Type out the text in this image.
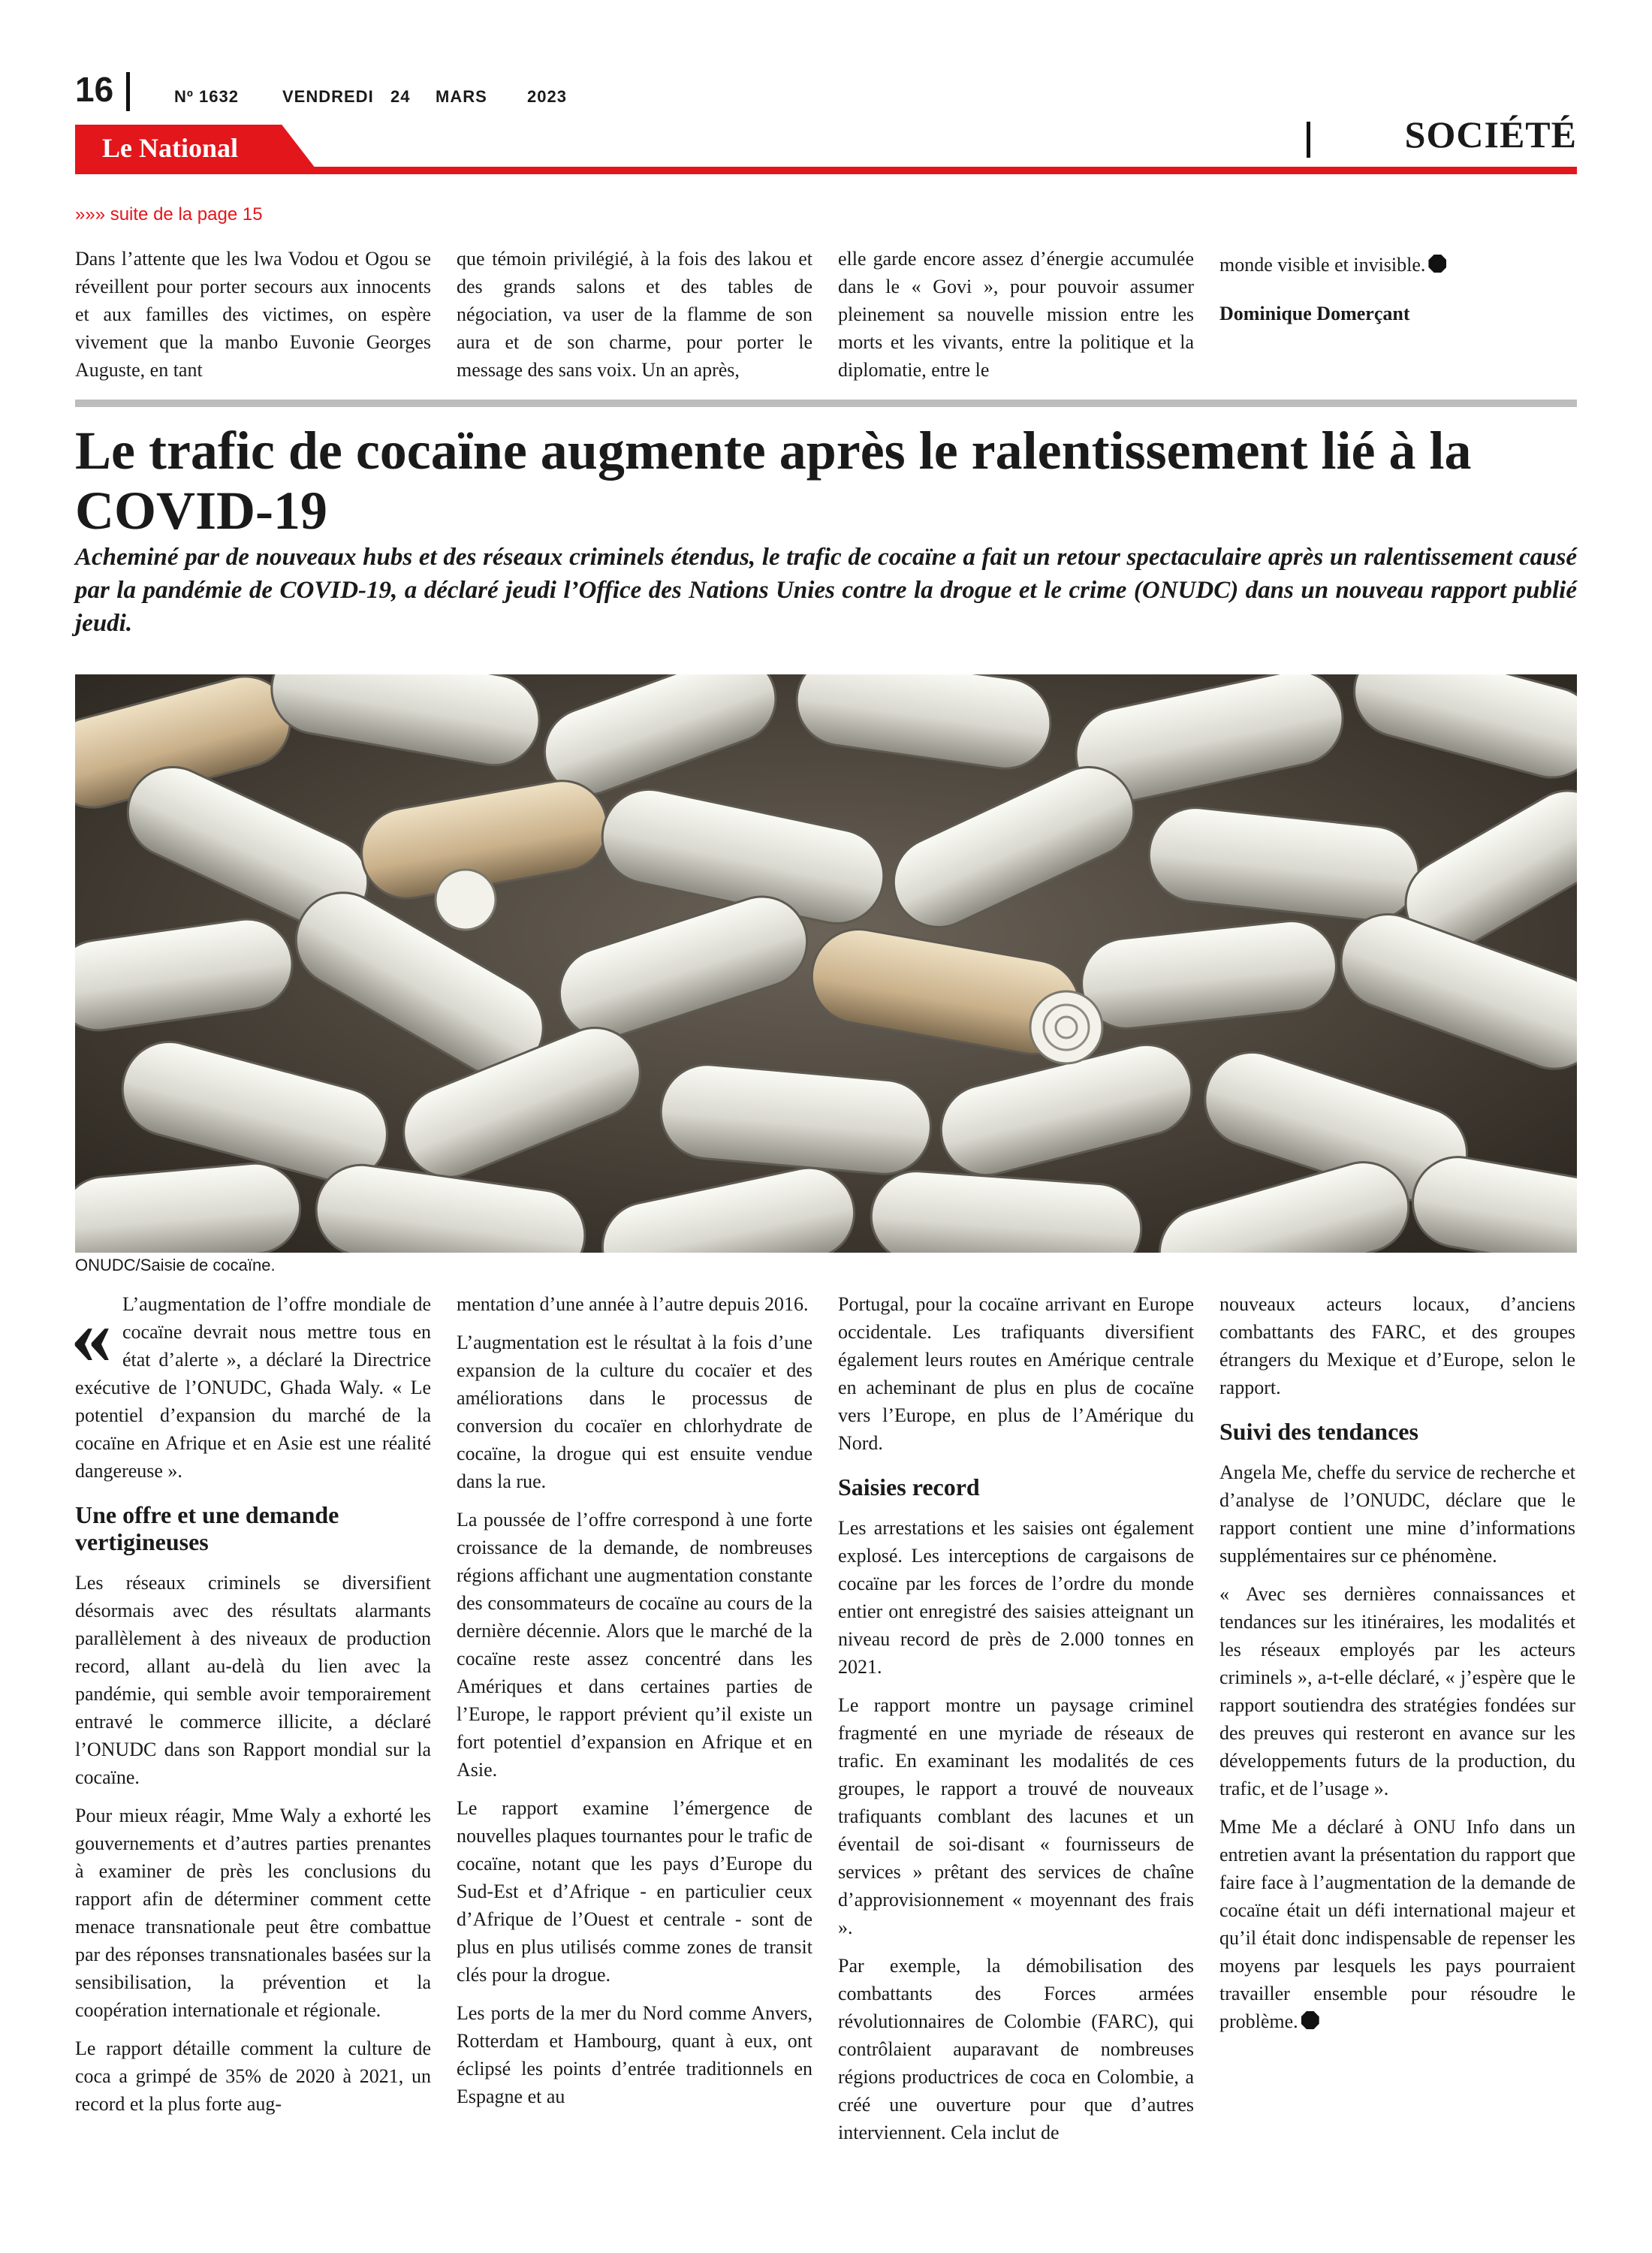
16	Nº 1632	VENDREDI 24 MARS 2023
Le National	SOCIÉTÉ
»»» suite de la page 15

Dans l’attente que les lwa Vodou et Ogou se réveillent pour porter secours aux innocents et aux familles des victimes, on espère vivement que la manbo Euvonie Georges Auguste, en tant

que témoin privilégié, à la fois des lakou et des grands salons et des tables de négociation, va user de la flamme de son aura et de son charme, pour porter le message des sans voix. Un an après,

elle garde encore assez d’énergie accumulée dans le « Govi », pour pouvoir assumer pleinement sa nouvelle mission entre les morts et les vivants, entre la politique et la diplomatie, entre le

monde visible et invisible.

Dominique Domerçant

Le trafic de cocaïne augmente après le ralentissement lié à la COVID-19
Acheminé par de nouveaux hubs et des réseaux criminels étendus, le trafic de cocaïne a fait un retour spectaculaire après un ralentissement causé par la pandémie de COVID-19, a déclaré jeudi l’Office des Nations Unies contre la drogue et le crime (ONUDC) dans un nouveau rapport publié jeudi.
ONUDC/Saisie de cocaïne.

« L’augmentation de l’offre mondiale de cocaïne devrait nous mettre tous en état d’alerte », a déclaré la Directrice exécutive de l’ONUDC, Ghada Waly. « Le potentiel d’expansion du marché de la cocaïne en Afrique et en Asie est une réalité dangereuse ».

Une offre et une demande vertigineuses

Les réseaux criminels se diversifient désormais avec des résultats alarmants parallèlement à des niveaux de production record, allant au-delà du lien avec la pandémie, qui semble avoir temporairement entravé le commerce illicite, a déclaré l’ONUDC dans son Rapport mondial sur la cocaïne.

Pour mieux réagir, Mme Waly a exhorté les gouvernements et d’autres parties prenantes à examiner de près les conclusions du rapport afin de déterminer comment cette menace transnationale peut être combattue par des réponses transnationales basées sur la sensibilisation, la prévention et la coopération internationale et régionale.

Le rapport détaille comment la culture de coca a grimpé de 35% de 2020 à 2021, un record et la plus forte aug-

mentation d’une année à l’autre depuis 2016.

L’augmentation est le résultat à la fois d’une expansion de la culture du cocaïer et des améliorations dans le processus de conversion du cocaïer en chlorhydrate de cocaïne, la drogue qui est ensuite vendue dans la rue.

La poussée de l’offre correspond à une forte croissance de la demande, de nombreuses régions affichant une augmentation constante des consommateurs de cocaïne au cours de la dernière décennie. Alors que le marché de la cocaïne reste assez concentré dans les Amériques et dans certaines parties de l’Europe, le rapport prévient qu’il existe un fort potentiel d’expansion en Afrique et en Asie.

Le rapport examine l’émergence de nouvelles plaques tournantes pour le trafic de cocaïne, notant que les pays d’Europe du Sud-Est et d’Afrique - en particulier ceux d’Afrique de l’Ouest et centrale - sont de plus en plus utilisés comme zones de transit clés pour la drogue.

Les ports de la mer du Nord comme Anvers, Rotterdam et Hambourg, quant à eux, ont éclipsé les points d’entrée traditionnels en Espagne et au

Portugal, pour la cocaïne arrivant en Europe occidentale. Les trafiquants diversifient également leurs routes en Amérique centrale en acheminant de plus en plus de cocaïne vers l’Europe, en plus de l’Amérique du Nord.

Saisies record

Les arrestations et les saisies ont également explosé. Les interceptions de cargaisons de cocaïne par les forces de l’ordre du monde entier ont enregistré des saisies atteignant un niveau record de près de 2.000 tonnes en 2021.

Le rapport montre un paysage criminel fragmenté en une myriade de réseaux de trafic. En examinant les modalités de ces groupes, le rapport a trouvé de nouveaux trafiquants comblant des lacunes et un éventail de soi-disant « fournisseurs de services » prêtant des services de chaîne d’approvisionnement « moyennant des frais ».

Par exemple, la démobilisation des combattants des Forces armées révolutionnaires de Colombie (FARC), qui contrôlaient auparavant de nombreuses régions productrices de coca en Colombie, a créé une ouverture pour que d’autres interviennent. Cela inclut de

nouveaux acteurs locaux, d’anciens combattants des FARC, et des groupes étrangers du Mexique et d’Europe, selon le rapport.

Suivi des tendances

Angela Me, cheffe du service de recherche et d’analyse de l’ONUDC, déclare que le rapport contient une mine d’informations supplémentaires sur ce phénomène.

« Avec ses dernières connaissances et tendances sur les itinéraires, les modalités et les réseaux employés par les acteurs criminels », a-t-elle déclaré, « j’espère que le rapport soutiendra des stratégies fondées sur des preuves qui resteront en avance sur les développements futurs de la production, du trafic, et de l’usage ».

Mme Me a déclaré à ONU Info dans un entretien avant la présentation du rapport que faire face à l’augmentation de la demande de cocaïne était un défi international majeur et qu’il était donc indispensable de repenser les moyens par lesquels les pays pourraient travailler ensemble pour résoudre le problème.
